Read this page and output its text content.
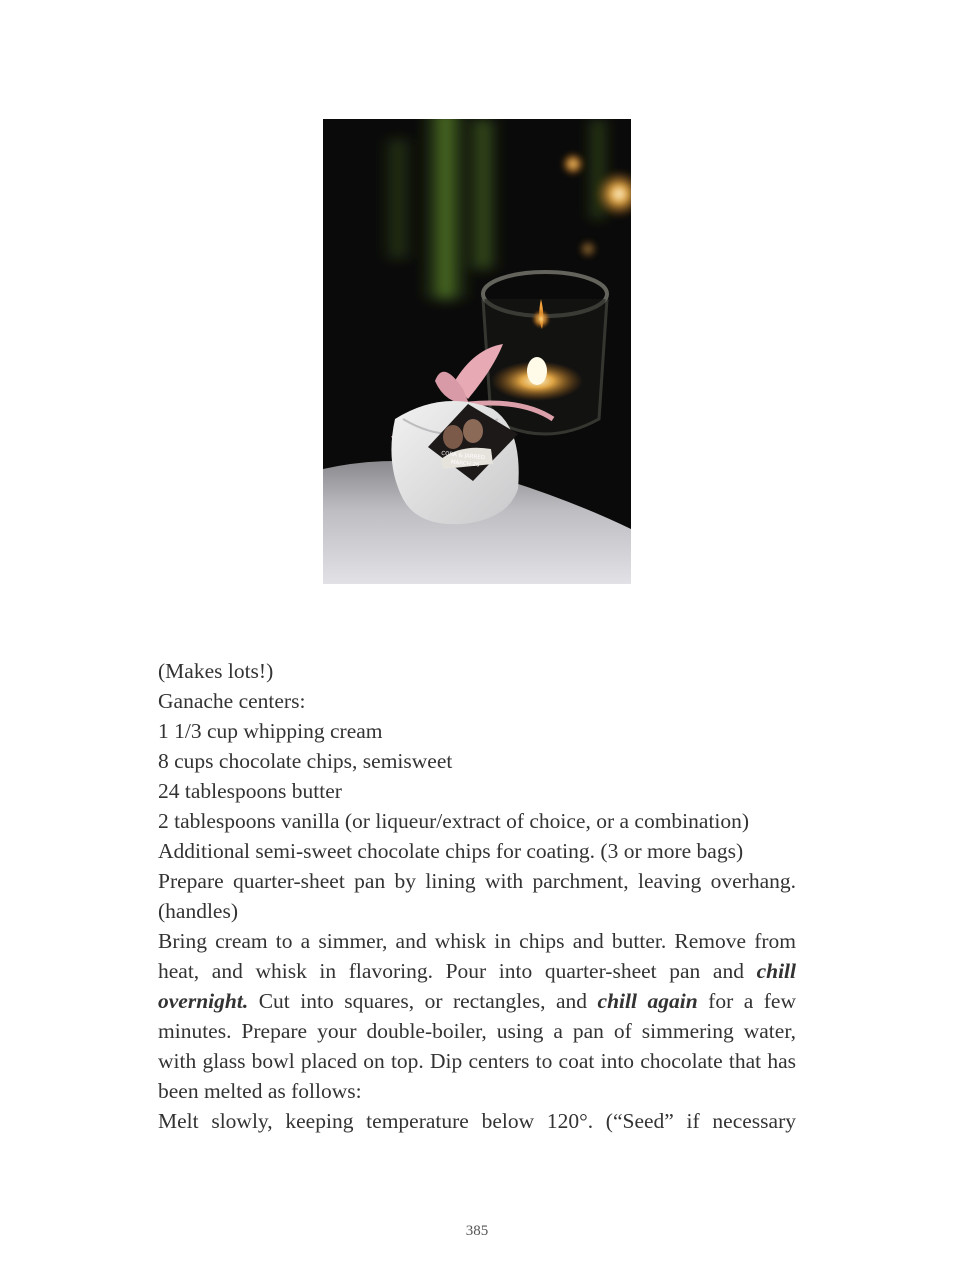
CORA & JARRED
MARCH 26

(Makes lots!)

Ganache centers:

1 1/3 cup whipping cream

8 cups chocolate chips, semisweet

24 tablespoons butter

2 tablespoons vanilla (or liqueur/extract of choice, or a combination)

Additional semi-sweet chocolate chips for coating. (3 or more bags)

Prepare quarter-sheet pan by lining with parchment, leaving overhang. (handles)

Bring cream to a simmer, and whisk in chips and butter. Remove from heat, and whisk in flavoring. Pour into quarter-sheet pan and chill overnight. Cut into squares, or rectangles, and chill again for a few minutes. Prepare your double-boiler, using a pan of simmering water, with glass bowl placed on top. Dip centers to coat into chocolate that has been melted as follows:

Melt slowly, keeping temperature below 120°. (“Seed” if necessary

385
